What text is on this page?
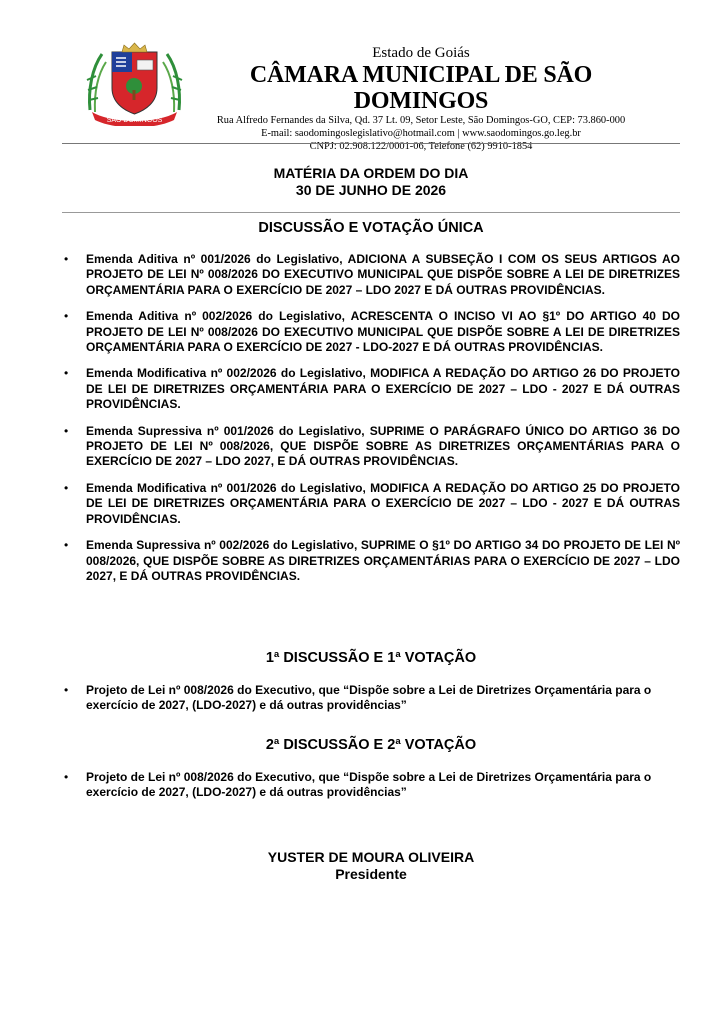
SÃO DOMINGOS
Estado de Goiás
CÂMARA MUNICIPAL DE SÃO DOMINGOS
Rua Alfredo Fernandes da Silva, Qd. 37 Lt. 09, Setor Leste, São Domingos-GO, CEP: 73.860-000
E-mail: saodomingoslegislativo@hotmail.com | www.saodomingos.go.leg.br
CNPJ: 02.908.122/0001-06, Telefone (62) 9910-1854
MATÉRIA DA ORDEM DO DIA
30 DE JUNHO DE 2026
DISCUSSÃO E VOTAÇÃO ÚNICA
• Emenda Aditiva nº 001/2026 do Legislativo, ADICIONA A SUBSEÇÃO I COM OS SEUS ARTIGOS AO PROJETO DE LEI Nº 008/2026 DO EXECUTIVO MUNICIPAL QUE DISPÕE SOBRE A LEI DE DIRETRIZES ORÇAMENTÁRIA PARA O EXERCÍCIO DE 2027 – LDO 2027 E DÁ OUTRAS PROVIDÊNCIAS.
• Emenda Aditiva nº 002/2026 do Legislativo, ACRESCENTA O INCISO VI AO §1º DO ARTIGO 40 DO PROJETO DE LEI Nº 008/2026 DO EXECUTIVO MUNICIPAL QUE DISPÕE SOBRE A LEI DE DIRETRIZES ORÇAMENTÁRIA PARA O EXERCÍCIO DE 2027 - LDO-2027 E DÁ OUTRAS PROVIDÊNCIAS.
• Emenda Modificativa nº 002/2026 do Legislativo, MODIFICA A REDAÇÃO DO ARTIGO 26 DO PROJETO DE LEI DE DIRETRIZES ORÇAMENTÁRIA PARA O EXERCÍCIO DE 2027 – LDO - 2027 E DÁ OUTRAS PROVIDÊNCIAS.
• Emenda Supressiva nº 001/2026 do Legislativo, SUPRIME O PARÁGRAFO ÚNICO DO ARTIGO 36 DO PROJETO DE LEI Nº 008/2026, QUE DISPÕE SOBRE AS DIRETRIZES ORÇAMENTÁRIAS PARA O EXERCÍCIO DE 2027 – LDO 2027, E DÁ OUTRAS PROVIDÊNCIAS.
• Emenda Modificativa nº 001/2026 do Legislativo, MODIFICA A REDAÇÃO DO ARTIGO 25 DO PROJETO DE LEI DE DIRETRIZES ORÇAMENTÁRIA PARA O EXERCÍCIO DE 2027 – LDO - 2027 E DÁ OUTRAS PROVIDÊNCIAS.
• Emenda Supressiva nº 002/2026 do Legislativo, SUPRIME O §1º DO ARTIGO 34 DO PROJETO DE LEI Nº 008/2026, QUE DISPÕE SOBRE AS DIRETRIZES ORÇAMENTÁRIAS PARA O EXERCÍCIO DE 2027 – LDO 2027, E DÁ OUTRAS PROVIDÊNCIAS.
1ª DISCUSSÃO E 1ª VOTAÇÃO
• Projeto de Lei nº 008/2026 do Executivo, que “Dispõe sobre a Lei de Diretrizes Orçamentária para o exercício de 2027, (LDO-2027) e dá outras providências”
2ª DISCUSSÃO E 2ª VOTAÇÃO
• Projeto de Lei nº 008/2026 do Executivo, que “Dispõe sobre a Lei de Diretrizes Orçamentária para o exercício de 2027, (LDO-2027) e dá outras providências”
YUSTER DE MOURA OLIVEIRA
Presidente
